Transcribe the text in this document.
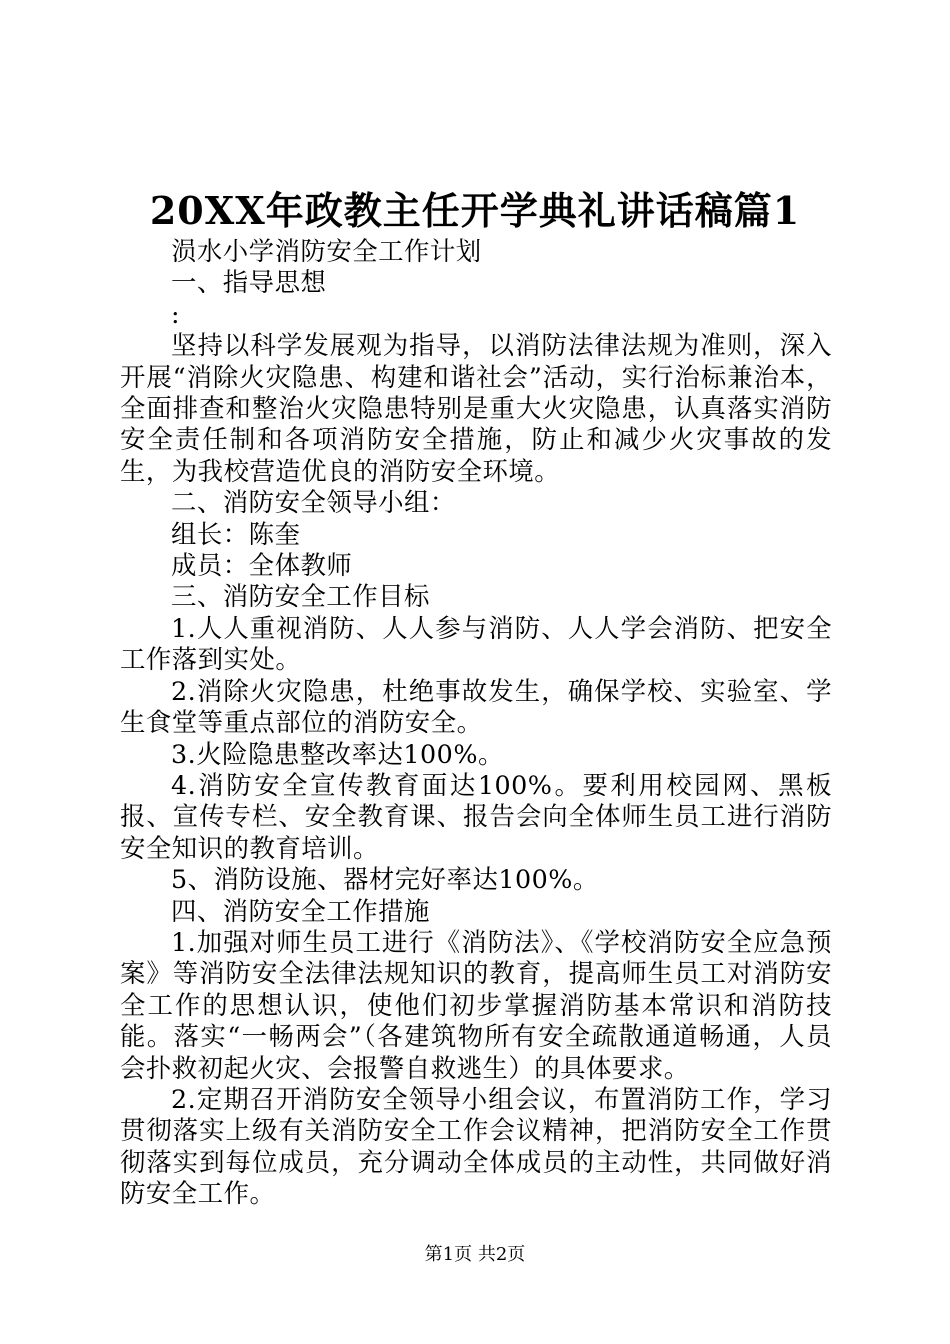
20XX年政教主任开学典礼讲话稿篇1

涢水小学消防安全工作计划

一、指导思想

:

坚持以科学发展观为指导，以消防法律法规为准则，深入开展“消除火灾隐患、构建和谐社会”活动，实行治标兼治本，全面排查和整治火灾隐患特别是重大火灾隐患，认真落实消防安全责任制和各项消防安全措施，防止和减少火灾事故的发生，为我校营造优良的消防安全环境。

二、消防安全领导小组：

组长：陈奎

成员：全体教师

三、消防安全工作目标

1.人人重视消防、人人参与消防、人人学会消防、把安全工作落到实处。

2.消除火灾隐患，杜绝事故发生，确保学校、实验室、学生食堂等重点部位的消防安全。

3.火险隐患整改率达100%。

4.消防安全宣传教育面达100%。要利用校园网、黑板报、宣传专栏、安全教育课、报告会向全体师生员工进行消防安全知识的教育培训。

5、消防设施、器材完好率达100%。

四、消防安全工作措施

1.加强对师生员工进行《消防法》、《学校消防安全应急预案》等消防安全法律法规知识的教育，提高师生员工对消防安全工作的思想认识，使他们初步掌握消防基本常识和消防技能。落实“一畅两会”（各建筑物所有安全疏散通道畅通，人员会扑救初起火灾、会报警自救逃生）的具体要求。

2.定期召开消防安全领导小组会议，布置消防工作，学习贯彻落实上级有关消防安全工作会议精神，把消防安全工作贯彻落实到每位成员，充分调动全体成员的主动性，共同做好消防安全工作。

第1页 共2页
